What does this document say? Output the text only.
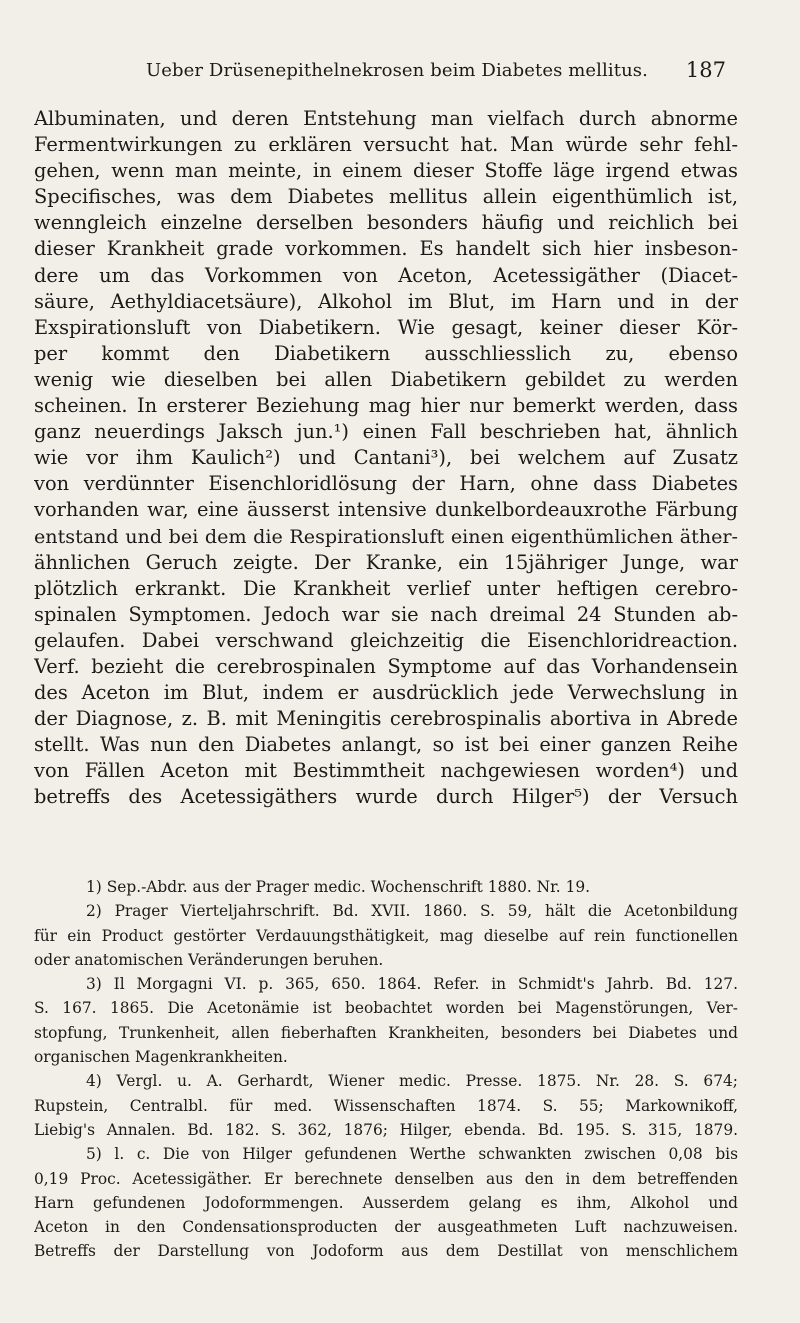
Ueber Drüsenepithelnekrosen beim Diabetes mellitus. 187
Albuminaten, und deren Entstehung man vielfach durch abnorme
Fermentwirkungen zu erklären versucht hat. Man würde sehr fehl-
gehen, wenn man meinte, in einem dieser Stoffe läge irgend etwas
Specifisches, was dem Diabetes mellitus allein eigenthümlich ist,
wenngleich einzelne derselben besonders häufig und reichlich bei
dieser Krankheit grade vorkommen. Es handelt sich hier insbeson-
dere um das Vorkommen von Aceton, Acetessigäther (Diacet-
säure, Aethyldiacetsäure), Alkohol im Blut, im Harn und in der
Exspirationsluft von Diabetikern. Wie gesagt, keiner dieser Kör-
per kommt den Diabetikern ausschliesslich zu, ebenso
wenig wie dieselben bei allen Diabetikern gebildet zu werden
scheinen. In ersterer Beziehung mag hier nur bemerkt werden, dass
ganz neuerdings Jaksch jun.¹) einen Fall beschrieben hat, ähnlich
wie vor ihm Kaulich²) und Cantani³), bei welchem auf Zusatz
von verdünnter Eisenchloridlösung der Harn, ohne dass Diabetes
vorhanden war, eine äusserst intensive dunkelbordeauxrothe Färbung
entstand und bei dem die Respirationsluft einen eigenthümlichen äther-
ähnlichen Geruch zeigte. Der Kranke, ein 15jähriger Junge, war
plötzlich erkrankt. Die Krankheit verlief unter heftigen cerebro-
spinalen Symptomen. Jedoch war sie nach dreimal 24 Stunden ab-
gelaufen. Dabei verschwand gleichzeitig die Eisenchloridreaction.
Verf. bezieht die cerebrospinalen Symptome auf das Vorhandensein
des Aceton im Blut, indem er ausdrücklich jede Verwechslung in
der Diagnose, z. B. mit Meningitis cerebrospinalis abortiva in Abrede
stellt. Was nun den Diabetes anlangt, so ist bei einer ganzen Reihe
von Fällen Aceton mit Bestimmtheit nachgewiesen worden⁴) und
betreffs des Acetessigäthers wurde durch Hilger⁵) der Versuch
1) Sep.-Abdr. aus der Prager medic. Wochenschrift 1880. Nr. 19.
2) Prager Vierteljahrschrift. Bd. XVII. 1860. S. 59, hält die Acetonbildung
für ein Product gestörter Verdauungsthätigkeit, mag dieselbe auf rein functionellen
oder anatomischen Veränderungen beruhen.
3) Il Morgagni VI. p. 365, 650. 1864. Refer. in Schmidt's Jahrb. Bd. 127.
S. 167. 1865. Die Acetonämie ist beobachtet worden bei Magenstörungen, Ver-
stopfung, Trunkenheit, allen fieberhaften Krankheiten, besonders bei Diabetes und
organischen Magenkrankheiten.
4) Vergl. u. A. Gerhardt, Wiener medic. Presse. 1875. Nr. 28. S. 674;
Rupstein, Centralbl. für med. Wissenschaften 1874. S. 55; Markownikoff,
Liebig's Annalen. Bd. 182. S. 362, 1876; Hilger, ebenda. Bd. 195. S. 315, 1879.
5) l. c. Die von Hilger gefundenen Werthe schwankten zwischen 0,08 bis
0,19 Proc. Acetessigäther. Er berechnete denselben aus den in dem betreffenden
Harn gefundenen Jodoformmengen. Ausserdem gelang es ihm, Alkohol und
Aceton in den Condensationsproducten der ausgeathmeten Luft nachzuweisen.
Betreffs der Darstellung von Jodoform aus dem Destillat von menschlichem
